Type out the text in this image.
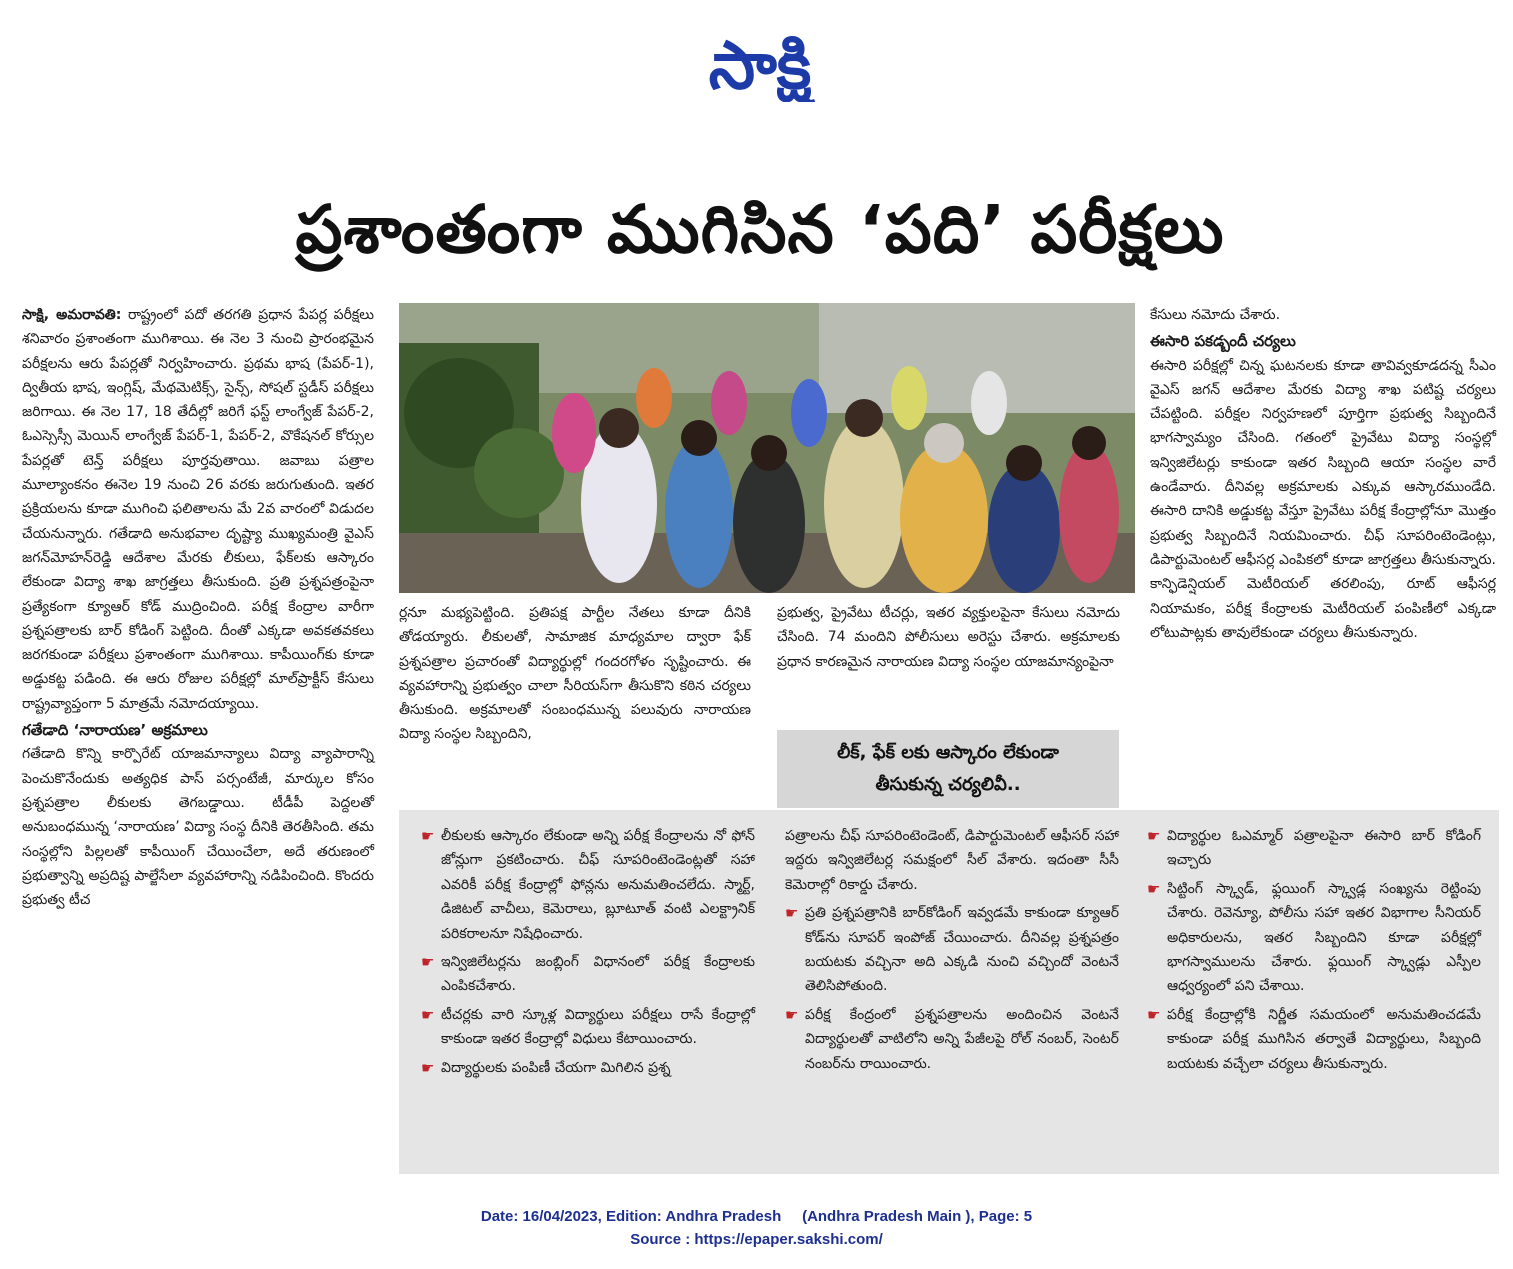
సాక్షి
ప్రశాంతంగా ముగిసిన ‘పది’ పరీక్షలు

సాక్షి, అమరావతి: రాష్ట్రంలో పదో తరగతి ప్రధాన పేపర్ల పరీక్షలు శనివారం ప్రశాంతంగా ముగిశాయి. ఈ నెల 3 నుంచి ప్రారంభమైన పరీక్షలను ఆరు పేపర్లతో నిర్వహించారు. ప్రథమ భాష (పేపర్-1), ద్వితీయ భాష, ఇంగ్లిష్, మేథమెటిక్స్, సైన్స్, సోషల్ స్టడీస్ పరీక్షలు జరిగాయి. ఈ నెల 17, 18 తేదీల్లో జరిగే ఫస్ట్ లాంగ్వేజ్ పేపర్-2, ఓఎస్సెస్సీ మెయిన్ లాంగ్వేజ్ పేపర్-1, పేపర్-2, వొకేషనల్ కోర్సుల పేపర్లతో టెన్త్ పరీక్షలు పూర్తవుతాయి. జవాబు పత్రాల మూల్యాంకనం ఈనెల 19 నుంచి 26 వరకు జరుగుతుంది. ఇతర ప్రక్రియలను కూడా ముగించి ఫలితాలను మే 2వ వారంలో విడుదల చేయనున్నారు. గతేడాది అనుభవాల దృష్ట్యా ముఖ్యమంత్రి వైఎస్ జగన్‌మోహన్‌రెడ్డి ఆదేశాల మేరకు లీకులు, ఫేక్‌లకు ఆస్కారం లేకుండా విద్యా శాఖ జాగ్రత్తలు తీసుకుంది. ప్రతి ప్రశ్నపత్రంపైనా ప్రత్యేకంగా క్యూఆర్ కోడ్ ముద్రించింది. పరీక్ష కేంద్రాల వారీగా ప్రశ్నపత్రాలకు బార్ కోడింగ్ పెట్టింది. దీంతో ఎక్కడా అవకతవకలు జరగకుండా పరీక్షలు ప్రశాంతంగా ముగిశాయి. కాపీయింగ్‌కు కూడా అడ్డుకట్ట పడింది. ఈ ఆరు రోజుల పరీక్షల్లో మాల్‌ప్రాక్టీస్ కేసులు రాష్ట్రవ్యాప్తంగా 5 మాత్రమే నమోదయ్యాయి.

గతేడాది ‘నారాయణ’ అక్రమాలు

గతేడాది కొన్ని కార్పొరేట్ యాజమాన్యాలు విద్యా వ్యాపారాన్ని పెంచుకొనేందుకు అత్యధిక పాస్ పర్సంటేజీ, మార్కుల కోసం ప్రశ్నపత్రాల లీకులకు తెగబడ్డాయి. టీడీపీ పెద్దలతో అనుబంధమున్న ‘నారాయణ’ విద్యా సంస్థ దీనికి తెరతీసింది. తమ సంస్థల్లోని పిల్లలతో కాపీయింగ్ చేయించేలా, అదే తరుణంలో ప్రభుత్వాన్ని అప్రదిష్ట పాల్జేసేలా వ్యవహారాన్ని నడిపించింది. కొందరు ప్రభుత్వ టీచ

ర్లనూ మభ్యపెట్టింది. ప్రతిపక్ష పార్టీల నేతలు కూడా దీనికి తోడయ్యారు. లీకులతో, సామాజిక మాధ్యమాల ద్వారా ఫేక్ ప్రశ్నపత్రాల ప్రచారంతో విద్యార్థుల్లో గందరగోళం సృష్టించారు. ఈ వ్యవహారాన్ని ప్రభుత్వం చాలా సీరియస్‌గా తీసుకొని కఠిన చర్యలు తీసుకుంది. అక్రమాలతో సంబంధమున్న పలువురు నారాయణ విద్యా సంస్థల సిబ్బందిని,

ప్రభుత్వ, ప్రైవేటు టీచర్లు, ఇతర వ్యక్తులపైనా కేసులు నమోదు చేసింది. 74 మందిని పోలీసులు అరెస్టు చేశారు. అక్రమాలకు ప్రధాన కారణమైన నారాయణ విద్యా సంస్థల యాజమాన్యంపైనా

లీక్, ఫేక్ లకు ఆస్కారం లేకుండా
తీసుకున్న చర్యలివీ..

కేసులు నమోదు చేశారు.

ఈసారి పకడ్బందీ చర్యలు

ఈసారి పరీక్షల్లో చిన్న ఘటనలకు కూడా తావివ్వకూడదన్న సీఎం వైఎస్ జగన్ ఆదేశాల మేరకు విద్యా శాఖ పటిష్ట చర్యలు చేపట్టింది. పరీక్షల నిర్వహణలో పూర్తిగా ప్రభుత్వ సిబ్బందినే భాగస్వామ్యం చేసింది. గతంలో ప్రైవేటు విద్యా సంస్థల్లో ఇన్విజిలేటర్లు కాకుండా ఇతర సిబ్బంది ఆయా సంస్థల వారే ఉండేవారు. దీనివల్ల అక్రమాలకు ఎక్కువ ఆస్కారముండేది. ఈసారి దానికి అడ్డుకట్ట వేస్తూ ప్రైవేటు పరీక్ష కేంద్రాల్లోనూ మొత్తం ప్రభుత్వ సిబ్బందినే నియమించారు. చీఫ్ సూపరింటెండెంట్లు, డిపార్టుమెంటల్ ఆఫీసర్ల ఎంపికలో కూడా జాగ్రత్తలు తీసుకున్నారు. కాన్ఫిడెన్షియల్ మెటీరియల్ తరలింపు, రూట్ ఆఫీసర్ల నియామకం, పరీక్ష కేంద్రాలకు మెటీరియల్ పంపిణీలో ఎక్కడా లోటుపాట్లకు తావులేకుండా చర్యలు తీసుకున్నారు.

☛ లీకులకు ఆస్కారం లేకుండా అన్ని పరీక్ష కేంద్రాలను నో ఫోన్ జోన్లుగా ప్రకటించారు. చీఫ్ సూపరింటెండెంట్లతో సహా ఎవరికీ పరీక్ష కేంద్రాల్లో ఫోన్లను అనుమతించలేదు. స్మార్ట్, డిజిటల్ వాచీలు, కెమెరాలు, బ్లూటూత్ వంటి ఎలక్ట్రానిక్ పరికరాలనూ నిషేధించారు.
☛ ఇన్విజిలేటర్లను జంబ్లింగ్ విధానంలో పరీక్ష కేంద్రాలకు ఎంపికచేశారు.
☛ టీచర్లకు వారి స్కూళ్ల విద్యార్థులు పరీక్షలు రాసే కేంద్రాల్లో కాకుండా ఇతర కేంద్రాల్లో విధులు కేటాయించారు.
☛ విద్యార్థులకు పంపిణీ చేయగా మిగిలిన ప్రశ్న
పత్రాలను చీఫ్ సూపరింటెండెంట్, డిపార్టుమెంటల్ ఆఫీసర్ సహా ఇద్దరు ఇన్విజిలేటర్ల సమక్షంలో సీల్ వేశారు. ఇదంతా సీసీ కెమెరాల్లో రికార్డు చేశారు.
☛ ప్రతి ప్రశ్నపత్రానికి బార్‌కోడింగ్ ఇవ్వడమే కాకుండా క్యూఆర్ కోడ్‌ను సూపర్ ఇంపోజ్ చేయించారు. దీనివల్ల ప్రశ్నపత్రం బయటకు వచ్చినా అది ఎక్కడి నుంచి వచ్చిందో వెంటనే తెలిసిపోతుంది.
☛ పరీక్ష కేంద్రంలో ప్రశ్నపత్రాలను అందించిన వెంటనే విద్యార్థులతో వాటిలోని అన్ని పేజీలపై రోల్ నంబర్, సెంటర్ నంబర్‌ను రాయించారు.
☛ విద్యార్థుల ఓఎమ్మార్ పత్రాలపైనా ఈసారి బార్ కోడింగ్ ఇచ్చారు
☛ సిట్టింగ్ స్క్వాడ్, ఫ్లయింగ్ స్క్వాడ్ల సంఖ్యను రెట్టింపు చేశారు. రెవెన్యూ, పోలీసు సహా ఇతర విభాగాల సీనియర్ అధికారులను, ఇతర సిబ్బందిని కూడా పరీక్షల్లో భాగస్వాములను చేశారు. ఫ్లయింగ్ స్క్వాడ్లు ఎస్పీల ఆధ్వర్యంలో పని చేశాయి.
☛ పరీక్ష కేంద్రాల్లోకి నిర్ణీత సమయంలో అనుమతించడమే కాకుండా పరీక్ష ముగిసిన తర్వాతే విద్యార్థులు, సిబ్బంది బయటకు వచ్చేలా చర్యలు తీసుకున్నారు.
Date: 16/04/2023, Edition: Andhra Pradesh     (Andhra Pradesh Main ), Page: 5
Source : https://epaper.sakshi.com/
